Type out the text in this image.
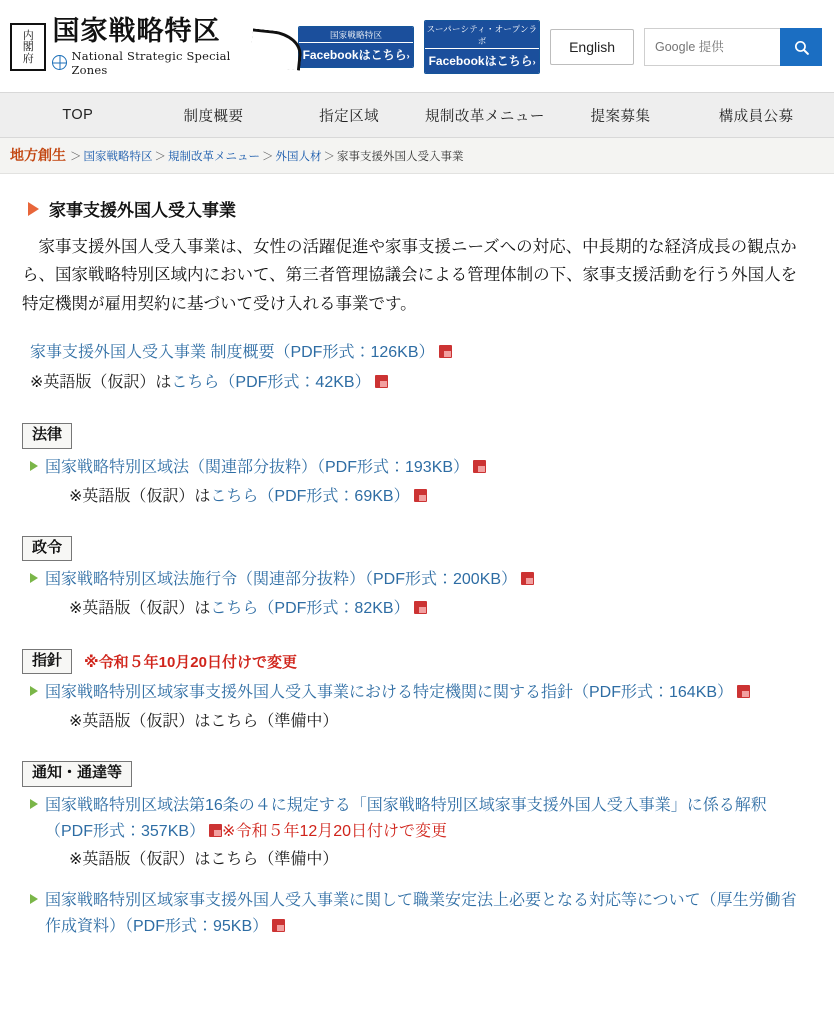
内
閣
府
国家戦略特区
National Strategic Special Zones
国家戦略特区
Facebookはこちら›
スーパーシティ・オープンラボ
Facebookはこちら›
English
Google 提供
TOP	制度概要	指定区域	規制改革メニュー	提案募集	構成員公募
地方創生 ＞ 国家戦略特区 ＞ 規制改革メニュー ＞ 外国人材 ＞ 家事支援外国人受入事業
家事支援外国人受入事業

家事支援外国人受入事業は、女性の活躍促進や家事支援ニーズへの対応、中長期的な経済成長の観点から、国家戦略特別区域内において、第三者管理協議会による管理体制の下、家事支援活動を行う外国人を特定機関が雇用契約に基づいて受け入れる事業です。

家事支援外国人受入事業 制度概要（PDF形式：126KB）
※英語版（仮訳）はこちら（PDF形式：42KB）
法律
国家戦略特別区域法（関連部分抜粋）（PDF形式：193KB）
※英語版（仮訳）はこちら（PDF形式：69KB）
政令
国家戦略特別区域法施行令（関連部分抜粋）（PDF形式：200KB）
※英語版（仮訳）はこちら（PDF形式：82KB）
指針	※令和５年10月20日付けで変更
国家戦略特別区域家事支援外国人受入事業における特定機関に関する指針（PDF形式：164KB）
※英語版（仮訳）はこちら（準備中）
通知・通達等
国家戦略特別区域法第16条の４に規定する「国家戦略特別区域家事支援外国人受入事業」に係る解釈（PDF形式：357KB） ※令和５年12月20日付けで変更
※英語版（仮訳）はこちら（準備中）
国家戦略特別区域家事支援外国人受入事業に関して職業安定法上必要となる対応等について（厚生労働省作成資料）（PDF形式：95KB）
